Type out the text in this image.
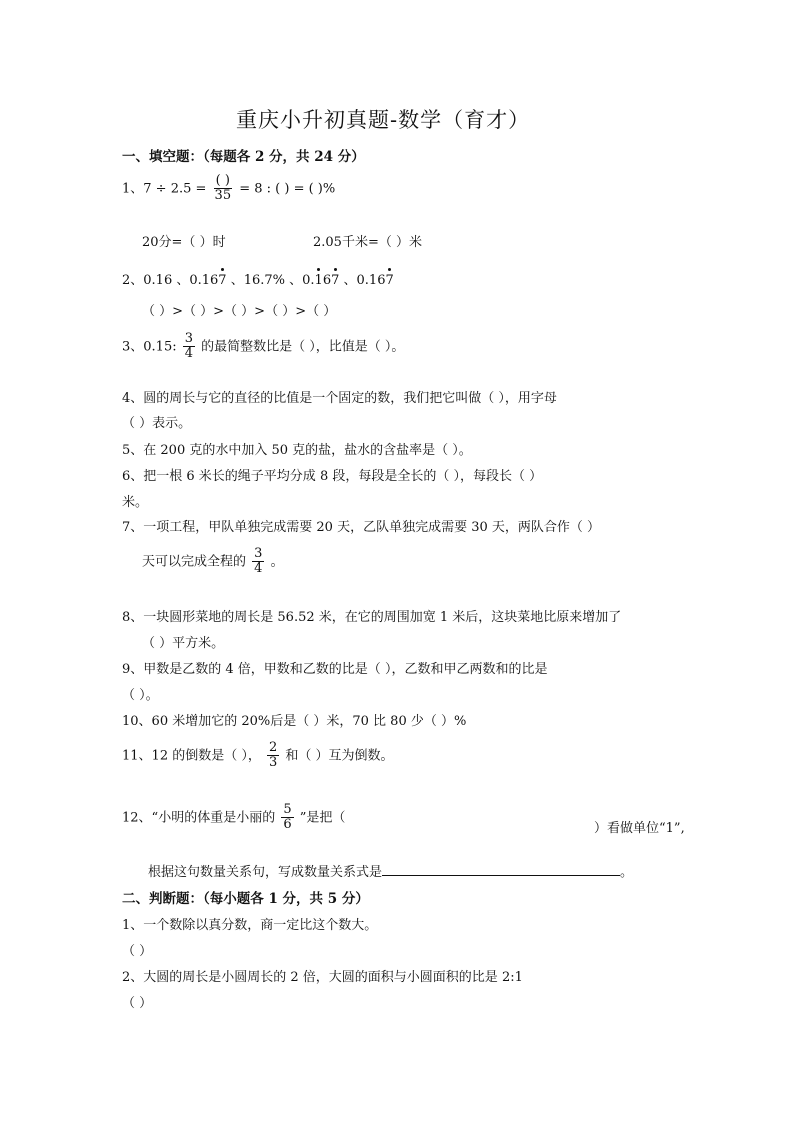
重庆小升初真题-数学（育才）
一、填空题：（每题各 2 分，共 24 分）
1、$7 \div 2.5 = \frac{( )}{35} = 8$ : ( ) = ( )%
20分=（ ）时	2.05千米=（ ）米
2、0.16 、0.167 、16.7% 、0.167 、0.167
（ ）>（ ）>（ ）>（ ）>（ ）
3、0.15: $\frac{3}{4}$ 的最简整数比是（ ），比值是（ ）。
4、圆的周长与它的直径的比值是一个固定的数，我们把它叫做（ ），用字母
（ ）表示。
5、在 200 克的水中加入 50 克的盐，盐水的含盐率是（ ）。
6、把一根 6 米长的绳子平均分成 8 段，每段是全长的（ ），每段长（ ）
米。
7、一项工程，甲队单独完成需要 20 天，乙队单独完成需要 30 天，两队合作（ ）
天可以完成全程的 $\frac{3}{4}$ 。
8、一块圆形菜地的周长是 56.52 米，在它的周围加宽 1 米后，这块菜地比原来增加了
（ ）平方米。
9、甲数是乙数的 4 倍，甲数和乙数的比是（ ），乙数和甲乙两数和的比是
（ ）。
10、60 米增加它的 20%后是（ ）米，70 比 80 少（ ）%
11、12 的倒数是（ ）， $\frac{2}{3}$ 和（ ）互为倒数。
12、“小明的体重是小丽的 $\frac{5}{6}$ ”是把（
）看做单位“1”,
根据这句数量关系句，写成数量关系式是	。
二、判断题：（每小题各 1 分，共 5 分）
1、一个数除以真分数，商一定比这个数大。
（ ）
2、大圆的周长是小圆周长的 2 倍，大圆的面积与小圆面积的比是 2:1
（ ）
